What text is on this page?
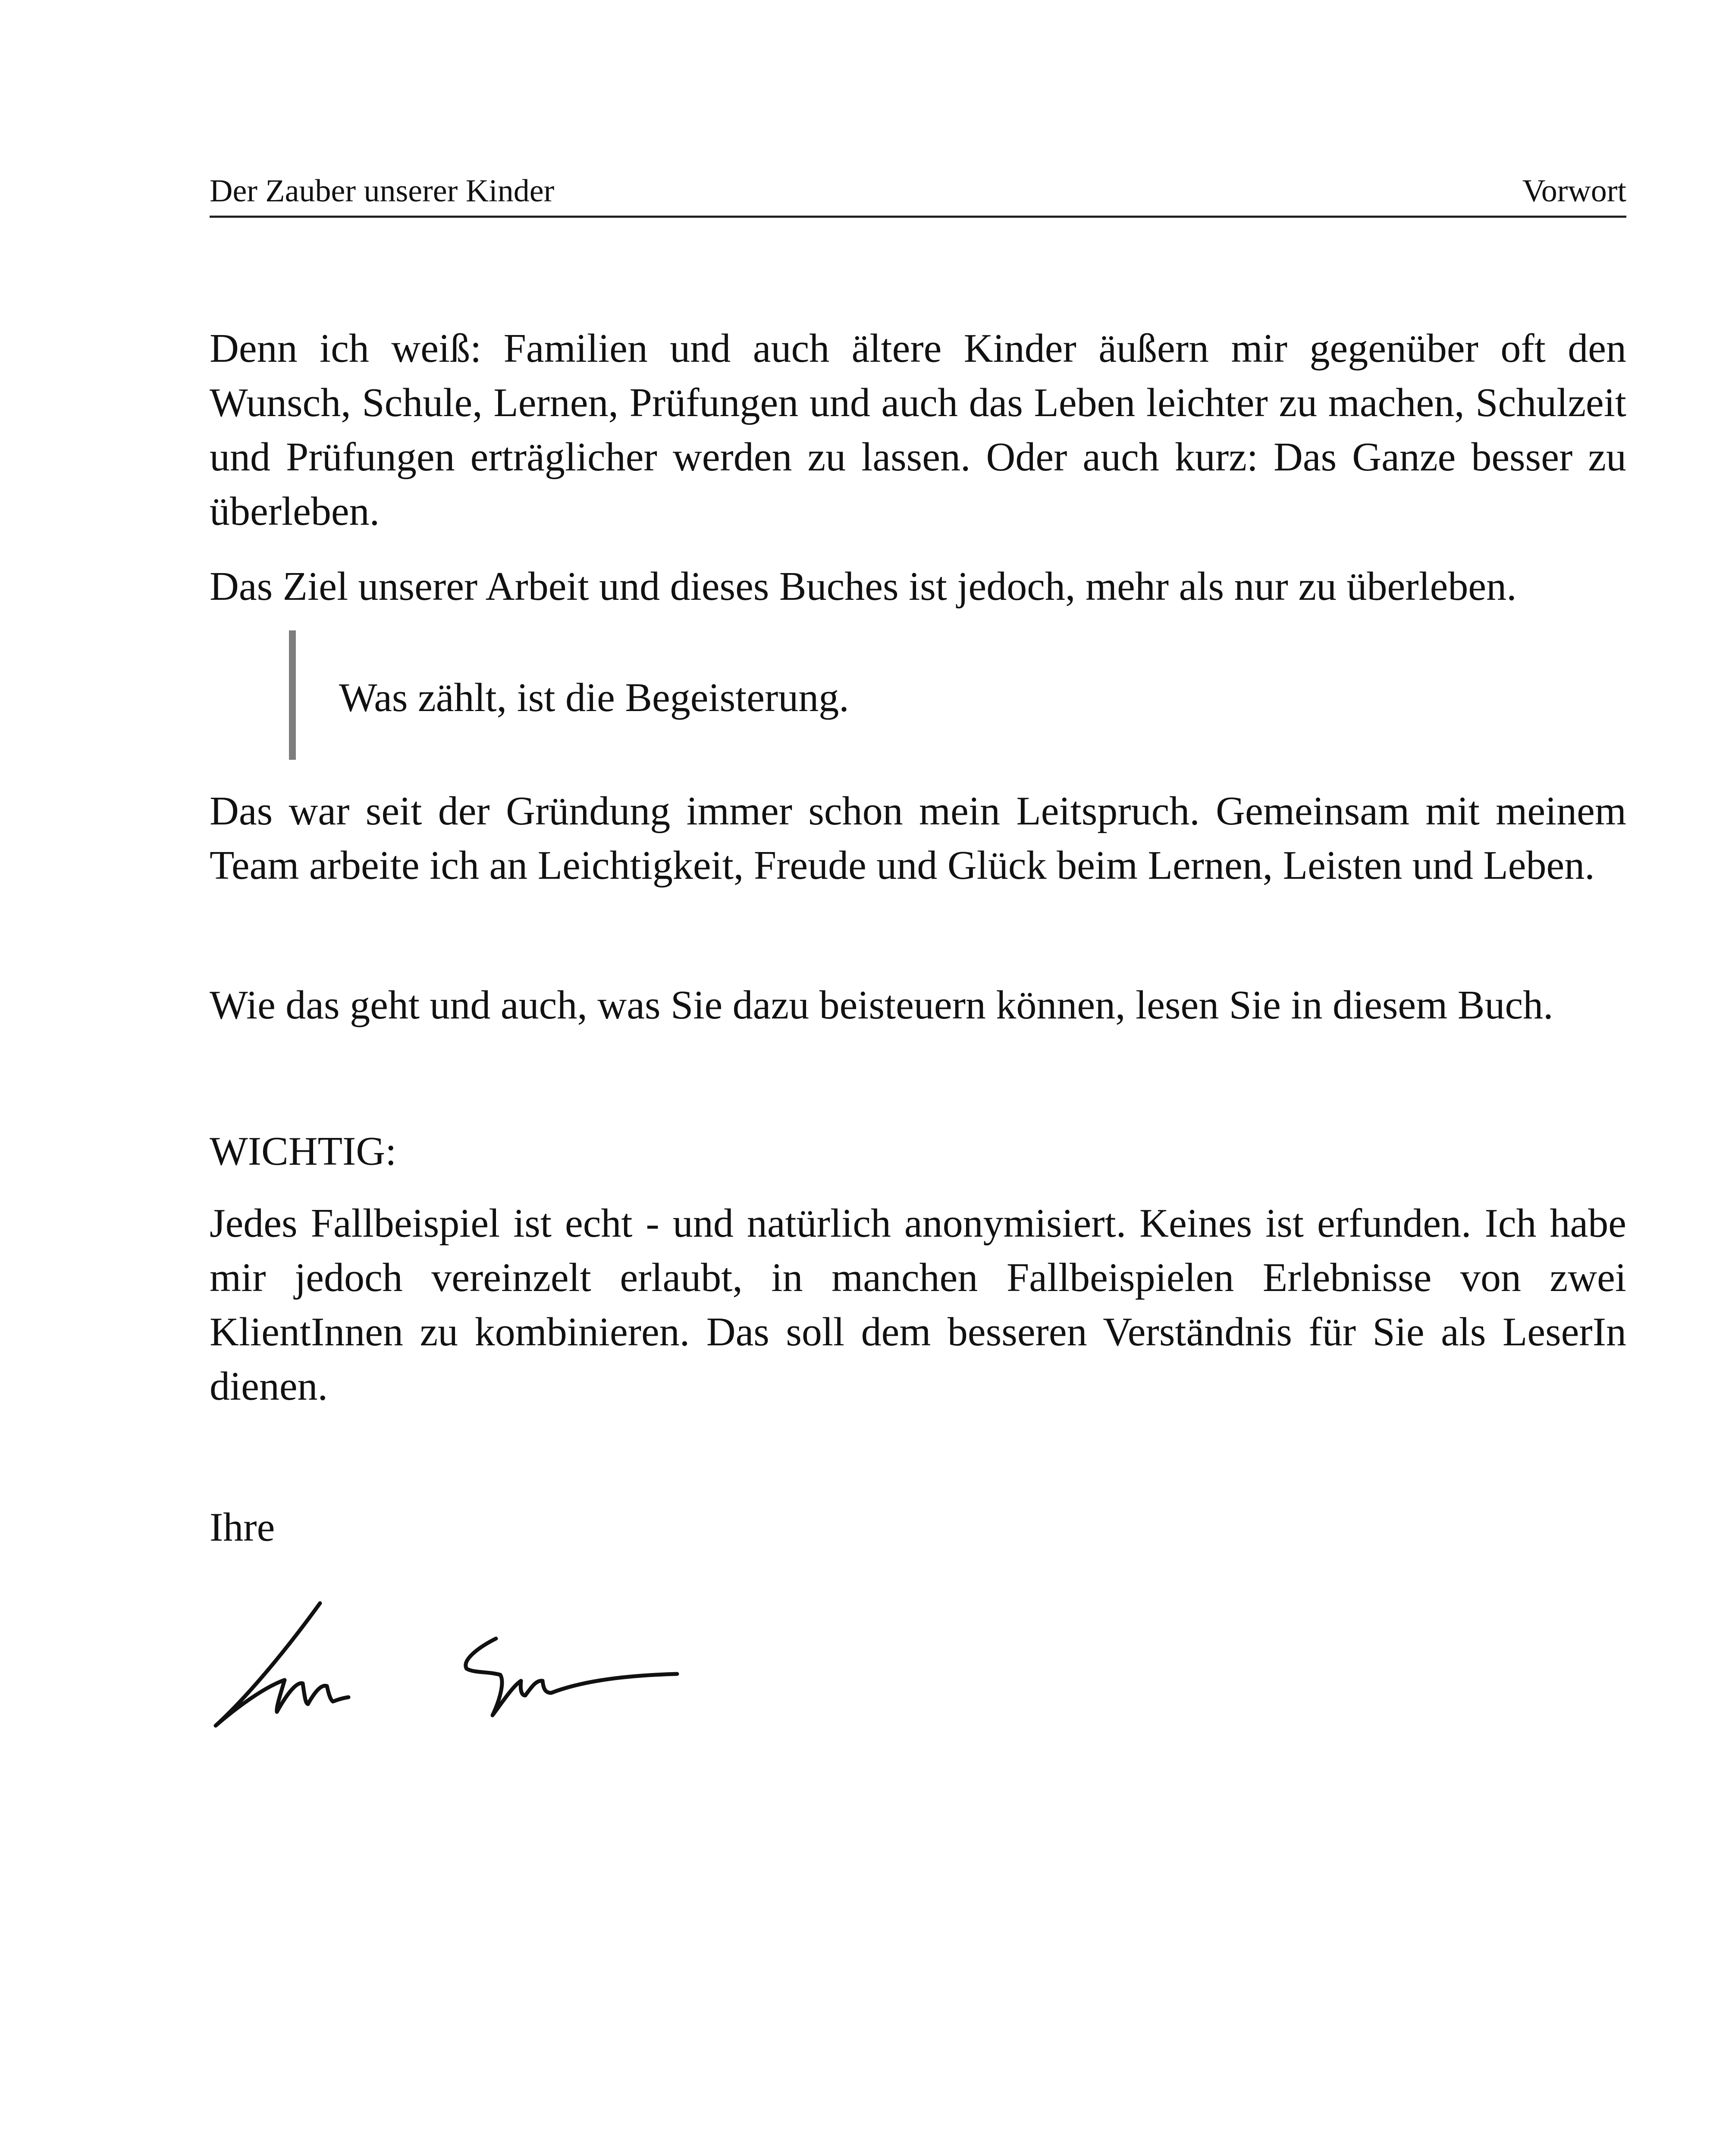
Der Zauber unserer Kinder	Vorwort
Denn ich weiß: Familien und auch ältere Kinder äußern mir gegenüber oft den Wunsch, Schule, Lernen, Prüfungen und auch das Leben leichter zu machen, Schulzeit und Prüfungen erträglicher werden zu lassen. Oder auch kurz: Das Ganze besser zu überleben.
Das Ziel unserer Arbeit und dieses Buches ist jedoch, mehr als nur zu überleben.
Was zählt, ist die Begeisterung.
Das war seit der Gründung immer schon mein Leitspruch. Gemeinsam mit meinem Team arbeite ich an Leichtigkeit, Freude und Glück beim Lernen, Leisten und Leben.
Wie das geht und auch, was Sie dazu beisteuern können, lesen Sie in diesem Buch.
WICHTIG:
Jedes Fallbeispiel ist echt - und natürlich anonymisiert. Keines ist erfunden. Ich habe mir jedoch vereinzelt erlaubt, in manchen Fallbeispielen Erlebnisse von zwei KlientInnen zu kombinieren. Das soll dem besseren Verständnis für Sie als LeserIn dienen.
Ihre
